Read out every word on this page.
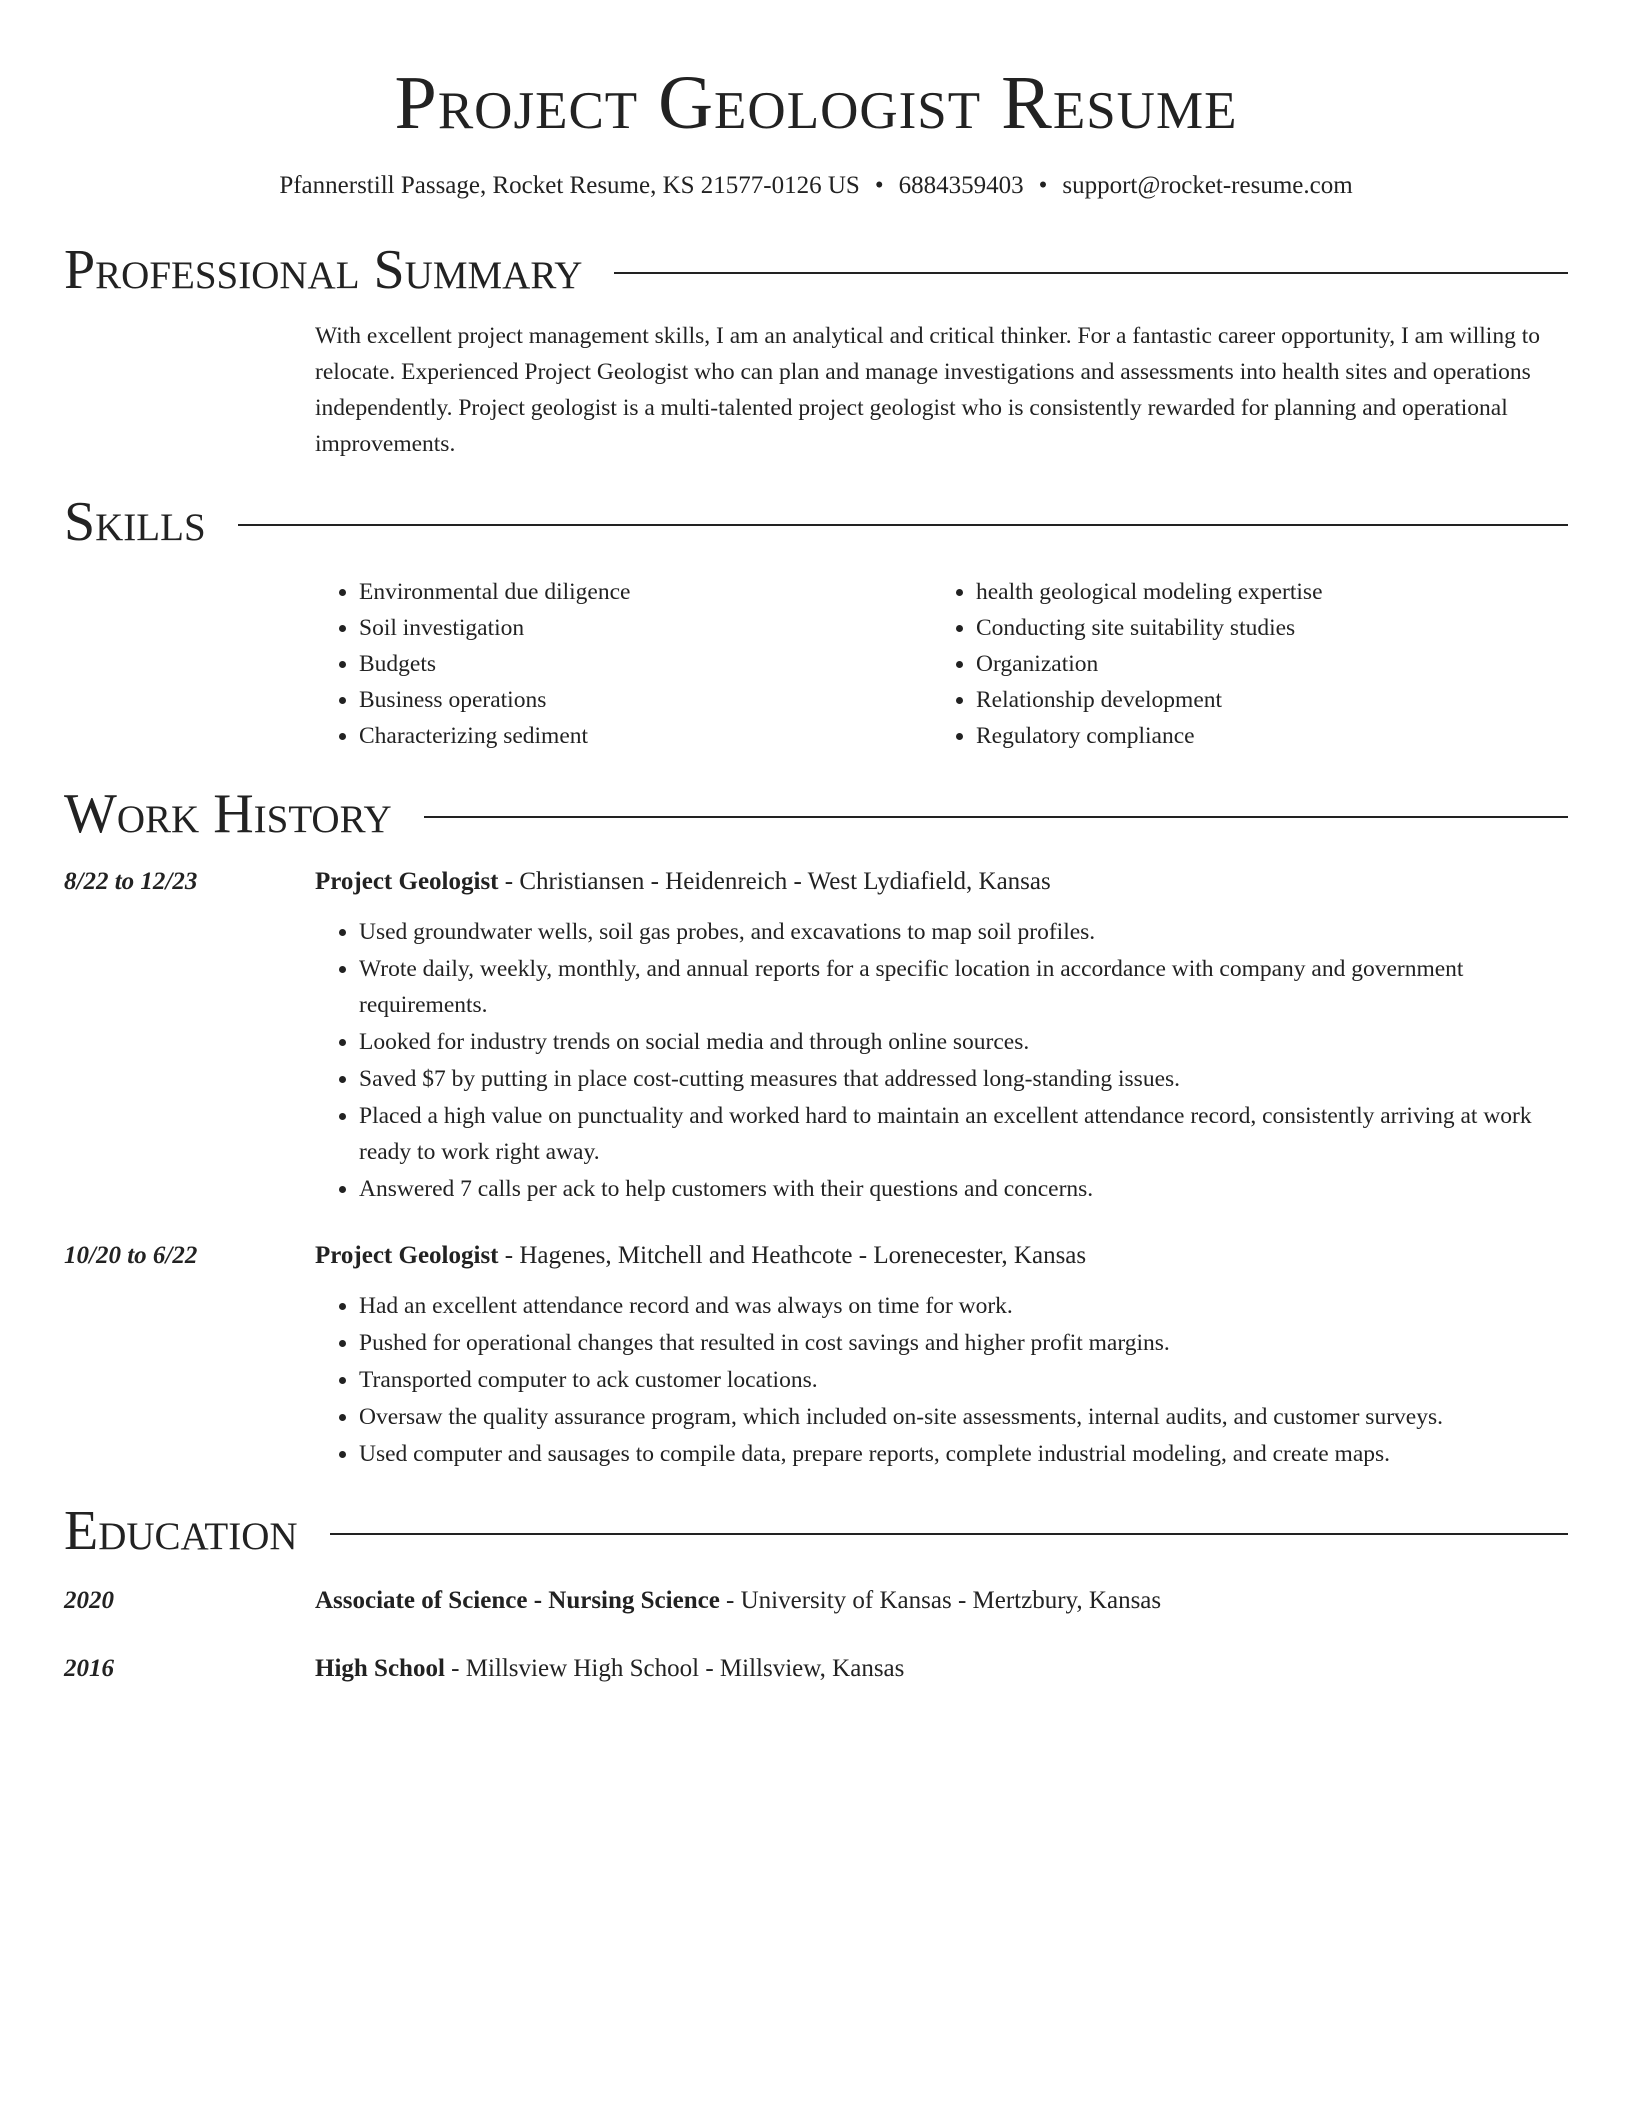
Project Geologist Resume
Pfannerstill Passage, Rocket Resume, KS 21577-0126 US • 6884359403 • support@rocket-resume.com
Professional Summary
With excellent project management skills, I am an analytical and critical thinker. For a fantastic career opportunity, I am willing to relocate. Experienced Project Geologist who can plan and manage investigations and assessments into health sites and operations independently. Project geologist is a multi-talented project geologist who is consistently rewarded for planning and operational improvements.
Skills
• Environmental due diligence
• Soil investigation
• Budgets
• Business operations
• Characterizing sediment
• health geological modeling expertise
• Conducting site suitability studies
• Organization
• Relationship development
• Regulatory compliance
Work History
8/22 to 12/23	Project Geologist - Christiansen - Heidenreich - West Lydiafield, Kansas
• Used groundwater wells, soil gas probes, and excavations to map soil profiles.
• Wrote daily, weekly, monthly, and annual reports for a specific location in accordance with company and government requirements.
• Looked for industry trends on social media and through online sources.
• Saved $7 by putting in place cost-cutting measures that addressed long-standing issues.
• Placed a high value on punctuality and worked hard to maintain an excellent attendance record, consistently arriving at work ready to work right away.
• Answered 7 calls per ack to help customers with their questions and concerns.
10/20 to 6/22	Project Geologist - Hagenes, Mitchell and Heathcote - Lorenecester, Kansas
• Had an excellent attendance record and was always on time for work.
• Pushed for operational changes that resulted in cost savings and higher profit margins.
• Transported computer to ack customer locations.
• Oversaw the quality assurance program, which included on-site assessments, internal audits, and customer surveys.
• Used computer and sausages to compile data, prepare reports, complete industrial modeling, and create maps.
Education
2020	Associate of Science - Nursing Science - University of Kansas - Mertzbury, Kansas
2016	High School - Millsview High School - Millsview, Kansas
